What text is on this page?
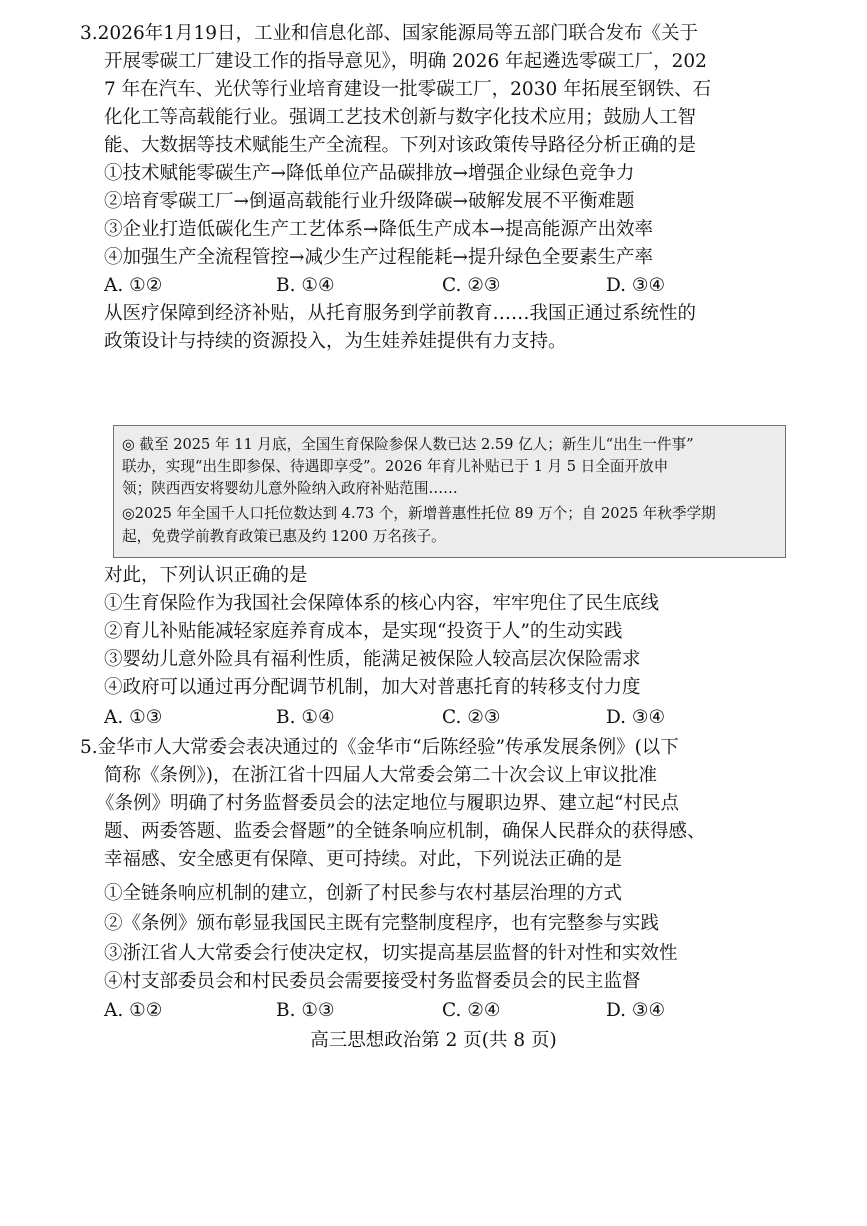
3.2026年1月19日，工业和信息化部、国家能源局等五部门联合发布《关于
开展零碳工厂建设工作的指导意见》，明确 2026 年起遴选零碳工厂，202
7 年在汽车、光伏等行业培育建设一批零碳工厂，2030 年拓展至钢铁、石
化化工等高载能行业。强调工艺技术创新与数字化技术应用；鼓励人工智
能、大数据等技术赋能生产全流程。下列对该政策传导路径分析正确的是
①技术赋能零碳生产→降低单位产品碳排放→增强企业绿色竞争力
②培育零碳工厂→倒逼高载能行业升级降碳→破解发展不平衡难题
③企业打造低碳化生产工艺体系→降低生产成本→提高能源产出效率
④加强生产全流程管控→减少生产过程能耗→提升绿色全要素生产率
A. ①②	B. ①④	C. ②③	D. ③④
从医疗保障到经济补贴，从托育服务到学前教育……我国正通过系统性的
政策设计与持续的资源投入，为生娃养娃提供有力支持。
◎ 截至 2025 年 11 月底，全国生育保险参保人数已达 2.59 亿人；新生儿“出生一件事”
联办，实现“出生即参保、待遇即享受”。2026 年育儿补贴已于 1 月 5 日全面开放申
领；陕西西安将婴幼儿意外险纳入政府补贴范围……
◎2025 年全国千人口托位数达到 4.73 个，新增普惠性托位 89 万个；自 2025 年秋季学期
起，免费学前教育政策已惠及约 1200 万名孩子。
对此，下列认识正确的是
①生育保险作为我国社会保障体系的核心内容，牢牢兜住了民生底线
②育儿补贴能减轻家庭养育成本，是实现“投资于人”的生动实践
③婴幼儿意外险具有福利性质，能满足被保险人较高层次保险需求
④政府可以通过再分配调节机制，加大对普惠托育的转移支付力度
A. ①③	B. ①④	C. ②③	D. ③④
5.金华市人大常委会表决通过的《金华市“后陈经验”传承发展条例》(以下
简称《条例》)，在浙江省十四届人大常委会第二十次会议上审议批准
《条例》明确了村务监督委员会的法定地位与履职边界、建立起“村民点
题、两委答题、监委会督题”的全链条响应机制，确保人民群众的获得感、
幸福感、安全感更有保障、更可持续。对此，下列说法正确的是
①全链条响应机制的建立，创新了村民参与农村基层治理的方式
②《条例》颁布彰显我国民主既有完整制度程序，也有完整参与实践
③浙江省人大常委会行使决定权，切实提高基层监督的针对性和实效性
④村支部委员会和村民委员会需要接受村务监督委员会的民主监督
A. ①②	B. ①③	C. ②④	D. ③④
高三思想政治第 2 页(共 8 页)
